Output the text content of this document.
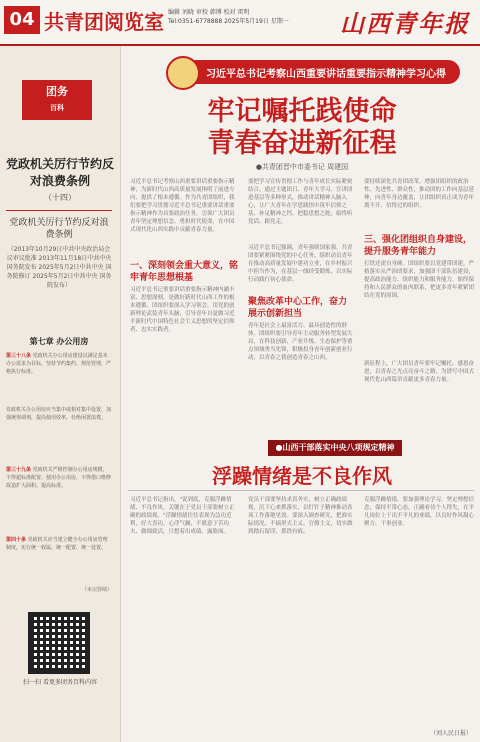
04 共青团阅览室 编辑 刘晓 审校 韩博 校对 雷明
Tel:0351-6778888 2025年5月19日 星期一 山西青年报
团务
百科
党政机关厉行节约反对浪费条例
（十四）
党政机关厉行节约反对浪费条例
（2013年10月29日中共中央政治局会议审议批准 2013年11月18日中共中央 国务院发布 2025年5月2日中共中央 国务院修订 2025年5月2日中共中央 国务院发布）
第七章 办公用房
第三十八条 党政机关办公用房建设以满足基本办公需求为目标，坚持节约集约、规范管理，严格执行标准。
党政机关办公用房应当集中或相对集中设置，加强统筹调剂，提高使用效率，杜绝闲置浪费。
第三十九条 党政机关严格控制办公用房规模，不得超标准配置、使用办公用房，不得借口维修改造扩大面积、提高标准。
第四十条 党政机关应当建立健全办公用房管理制度，实行统一权属、统一配置、统一处置。
（未完待续）
扫一扫 看更多团务百科内容
习近平总书记考察山西重要讲话重要指示精神学习心得
牢记嘱托践使命
青春奋进新征程
●共青团晋中市委书记 周建国
习近平总书记考察山西重要讲话重要指示精神，为新时代山西高质量发展指明了前进方向、提供了根本遵循。作为共青团组织，我们要把学习贯彻习近平总书记重要讲话重要指示精神作为首要政治任务，引领广大团员青年坚定理想信念、勇担时代使命，在中国式现代化山西实践中贡献青春力量。
一、深刻领会重大意义，铭牢青年思想根基
习近平总书记重要讲话重要指示精神内涵丰富、思想深刻，是做好新时代山西工作的根本遵循。团组织要深入学习领会，用党的创新理论武装青年头脑，引导青年自觉做习近平新时代中国特色社会主义思想的坚定信仰者、忠实实践者。
要把学习宣传贯彻工作与青年成长实际紧密结合，通过主题团日、青年大学习、宣讲团进基层等多种形式，推动讲话精神入脑入心，让广大青年在学思践悟中筑牢信仰之基、补足精神之钙、把稳思想之舵，始终听党话、跟党走。
习近平总书记强调，青年强则国家强。共青团要紧紧围绕党的中心任务，组织动员青年在推动高质量发展中建功立业，在乡村振兴中担当作为，在基层一线经受锻炼，以实际行动践行初心使命。
聚焦改革中心工作，奋力展示创新担当
青年是社会上最富活力、最具创造性的群体。团组织要引导青年主动服务转型发展大局，在科技创新、产业升级、生态保护等重点领域勇当先锋，积极投身青年创新创业行动，以青春之我创造青春之山西。
要持续深化共青团改革，增强团组织的政治性、先进性、群众性，推动团的工作向基层延伸，向青年身边覆盖，让团组织真正成为青年离不开、信得过的组织。
三、强化团组织自身建设，提升服务青年能力
打铁还需自身硬。团组织要以党建带团建，严格落实从严治团要求，加强团干部队伍建设，提高政治能力、组织能力和服务能力，始终保持和人民群众的血肉联系，把更多青年紧紧团结在党的周围。
新征程上，广大团员青年要牢记嘱托、感恩奋进，以青春之光点亮奋斗之路，为谱写中国式现代化山西篇章贡献更多青春力量。
●山西干部落实中央八项规定精神
浮躁情绪是不良作风
习近平总书记指出，"说到底，克服浮躁情绪、不良作风，关键在于党员干部要树立正确的政绩观。"浮躁情绪往往表现为急功近利、好大喜功、心浮气躁，不愿意下苦功夫、做细致活，只想着出成绩、露脸面。
党员干部要坚持求真务实，树立正确政绩观，沉下心来抓落实，以钉钉子精神推动各项工作落地见效。要深入调查研究，把准实际情况，不搞形式主义、官僚主义，切实做到踏石留印、抓铁有痕。
克服浮躁情绪，要加强理论学习，坚定理想信念，保持平常心态，正确看待个人得失，在平凡岗位上干出不平凡的业绩，以良好作风凝心聚力、干事创业。
（刘人民日报）
